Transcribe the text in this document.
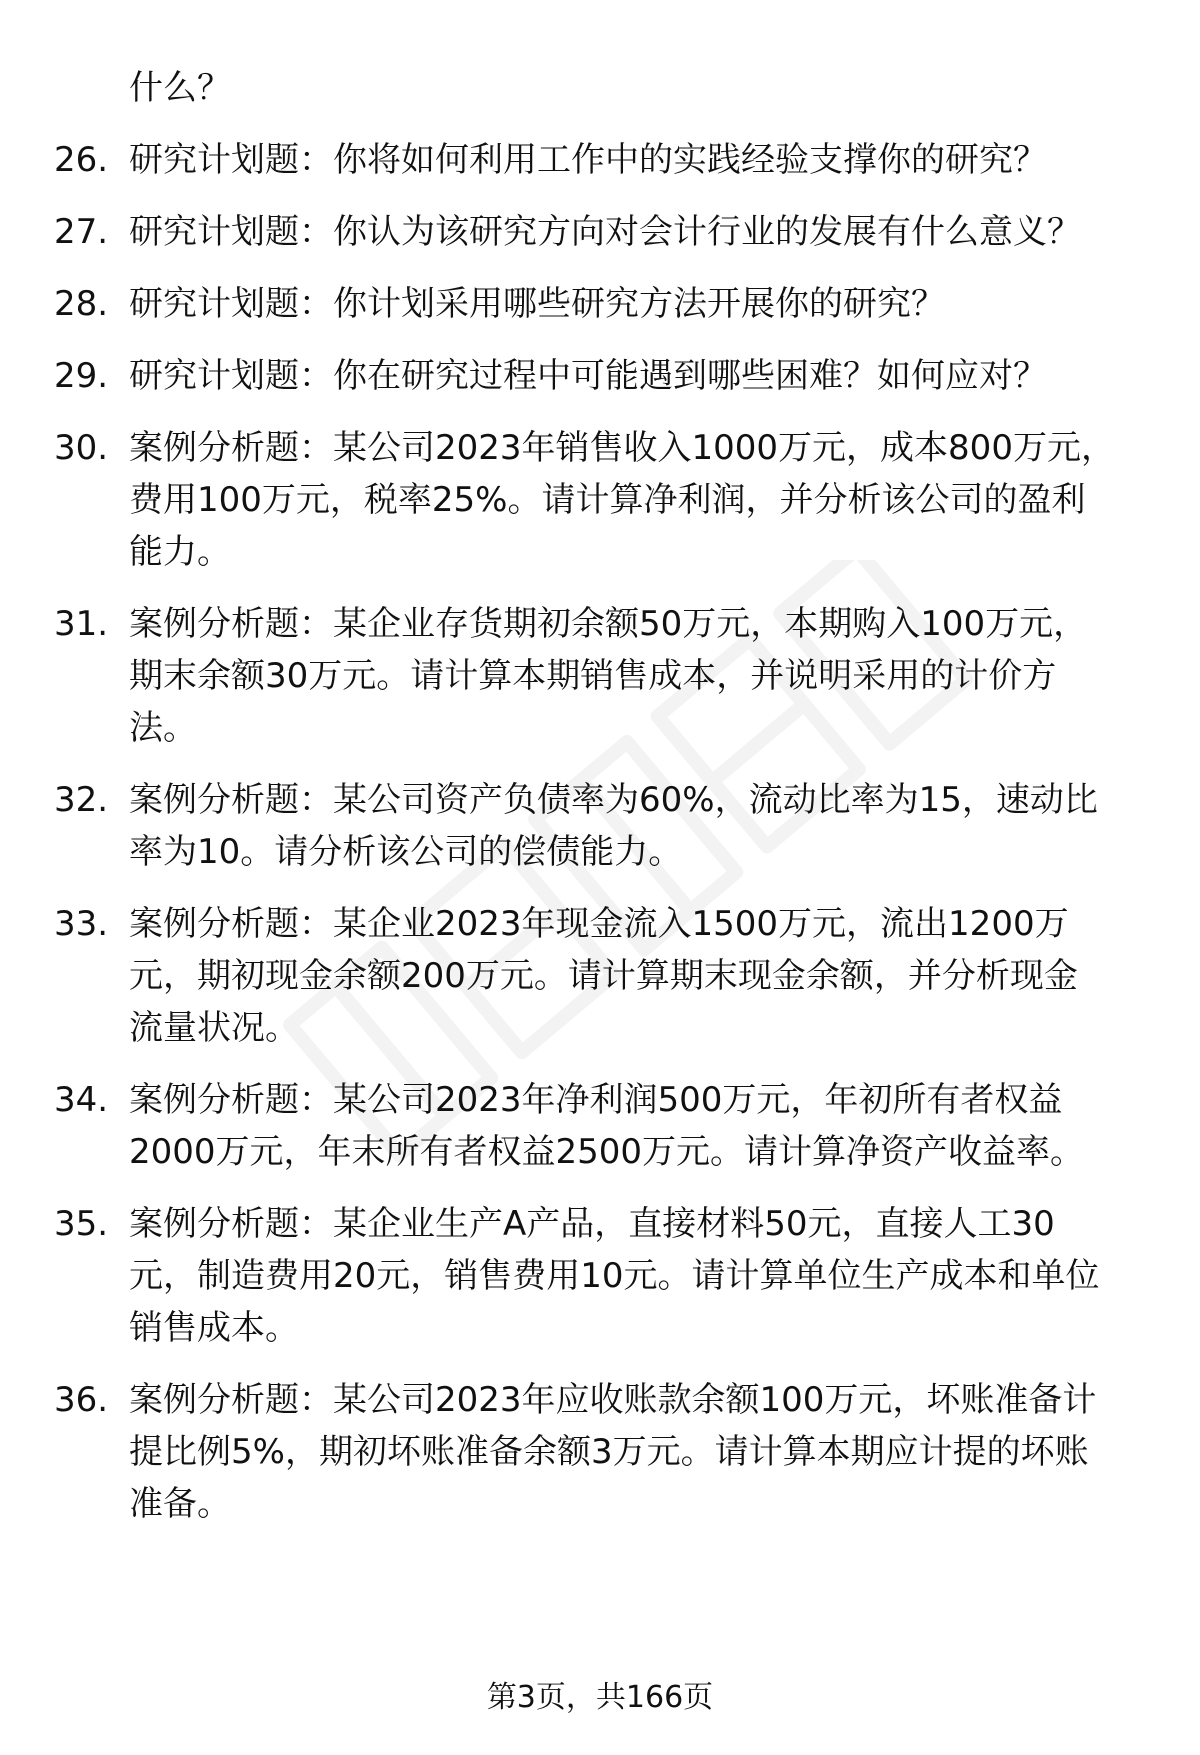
什么？
26. 研究计划题：你将如何利用工作中的实践经验支撑你的研究？
27. 研究计划题：你认为该研究方向对会计行业的发展有什么意义？
28. 研究计划题：你计划采用哪些研究方法开展你的研究？
29. 研究计划题：你在研究过程中可能遇到哪些困难？如何应对？
30. 案例分析题：某公司2023年销售收入1000万元，成本800万元，
费用100万元，税率25%。请计算净利润，并分析该公司的盈利
能力。
31. 案例分析题：某企业存货期初余额50万元，本期购入100万元，
期末余额30万元。请计算本期销售成本，并说明采用的计价方
法。
32. 案例分析题：某公司资产负债率为60%，流动比率为15，速动比
率为10。请分析该公司的偿债能力。
33. 案例分析题：某企业2023年现金流入1500万元，流出1200万
元，期初现金余额200万元。请计算期末现金余额，并分析现金
流量状况。
34. 案例分析题：某公司2023年净利润500万元，年初所有者权益
2000万元，年末所有者权益2500万元。请计算净资产收益率。
35. 案例分析题：某企业生产A产品，直接材料50元，直接人工30
元，制造费用20元，销售费用10元。请计算单位生产成本和单位
销售成本。
36. 案例分析题：某公司2023年应收账款余额100万元，坏账准备计
提比例5%，期初坏账准备余额3万元。请计算本期应计提的坏账
准备。
第3页，共166页
